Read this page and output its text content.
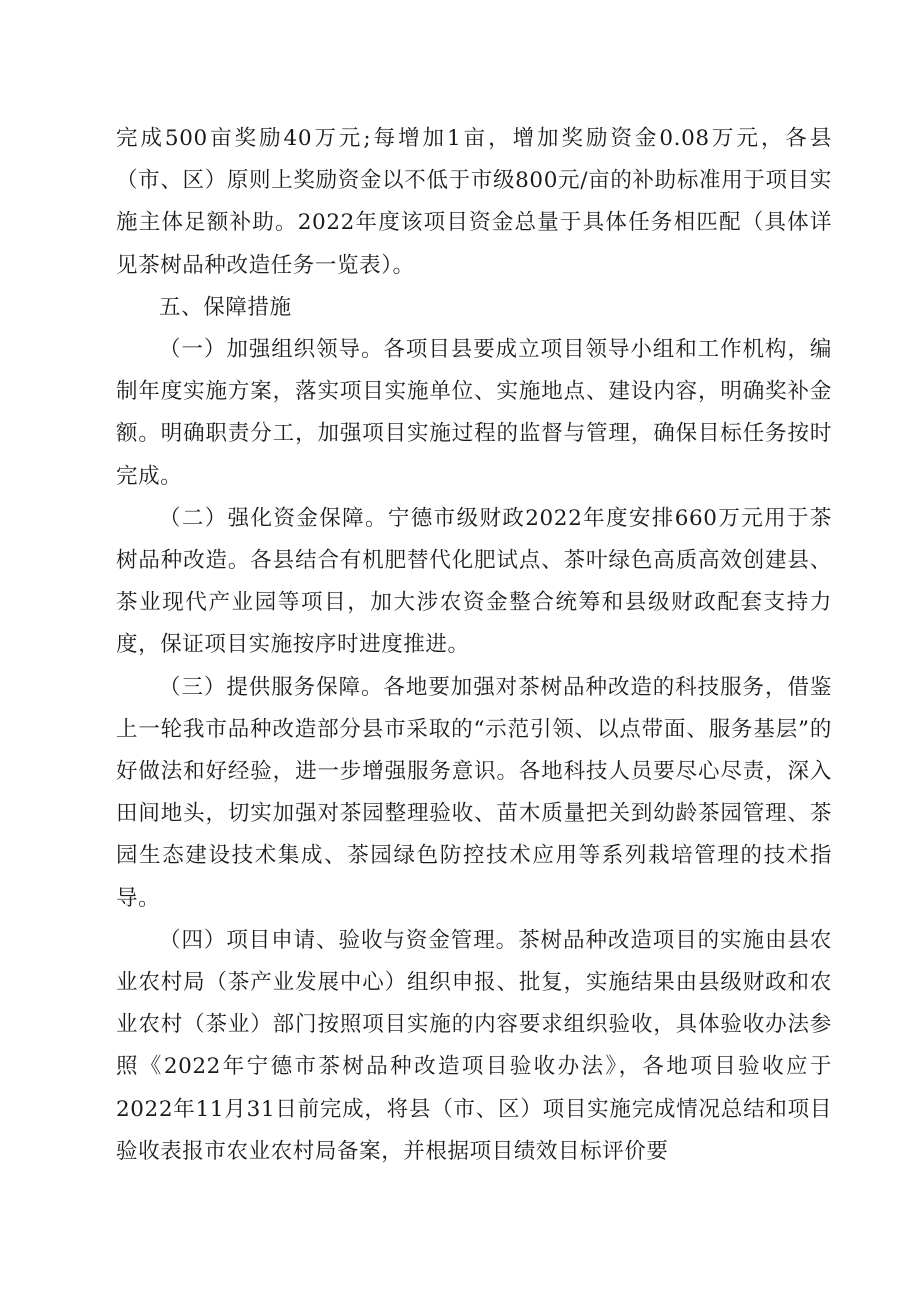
完成500亩奖励40万元;每增加1亩，增加奖励资金0.08万元，各县（市、区）原则上奖励资金以不低于市级800元/亩的补助标准用于项目实施主体足额补助。2022年度该项目资金总量于具体任务相匹配（具体详见茶树品种改造任务一览表）。

五、保障措施

（一）加强组织领导。各项目县要成立项目领导小组和工作机构，编制年度实施方案，落实项目实施单位、实施地点、建设内容，明确奖补金额。明确职责分工，加强项目实施过程的监督与管理，确保目标任务按时完成。

（二）强化资金保障。宁德市级财政2022年度安排660万元用于茶树品种改造。各县结合有机肥替代化肥试点、茶叶绿色高质高效创建县、茶业现代产业园等项目，加大涉农资金整合统筹和县级财政配套支持力度，保证项目实施按序时进度推进。

（三）提供服务保障。各地要加强对茶树品种改造的科技服务，借鉴上一轮我市品种改造部分县市采取的“示范引领、以点带面、服务基层”的好做法和好经验，进一步增强服务意识。各地科技人员要尽心尽责，深入田间地头，切实加强对茶园整理验收、苗木质量把关到幼龄茶园管理、茶园生态建设技术集成、茶园绿色防控技术应用等系列栽培管理的技术指导。

（四）项目申请、验收与资金管理。茶树品种改造项目的实施由县农业农村局（茶产业发展中心）组织申报、批复，实施结果由县级财政和农业农村（茶业）部门按照项目实施的内容要求组织验收，具体验收办法参照《2022年宁德市茶树品种改造项目验收办法》，各地项目验收应于2022年11月31日前完成，将县（市、区）项目实施完成情况总结和项目验收表报市农业农村局备案，并根据项目绩效目标评价要
